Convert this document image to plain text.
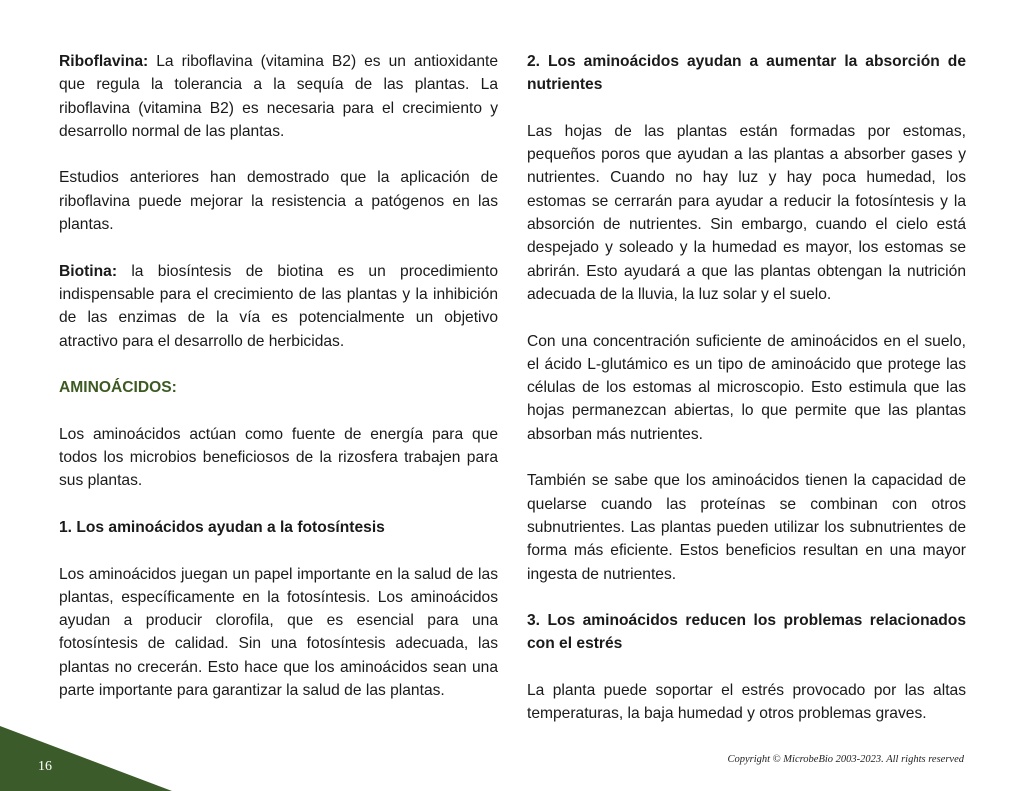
Riboflavina: La riboflavina (vitamina B2) es un antioxidante que regula la tolerancia a la sequía de las plantas. La riboflavina (vitamina B2) es necesaria para el crecimiento y desarrollo normal de las plantas.

Estudios anteriores han demostrado que la aplicación de riboflavina puede mejorar la resistencia a patógenos en las plantas.

Biotina: la biosíntesis de biotina es un procedimiento indispensable para el crecimiento de las plantas y la inhibición de las enzimas de la vía es potencialmente un objetivo atractivo para el desarrollo de herbicidas.

AMINOÁCIDOS:

Los aminoácidos actúan como fuente de energía para que todos los microbios beneficiosos de la rizosfera trabajen para sus plantas.

1. Los aminoácidos ayudan a la fotosíntesis

Los aminoácidos juegan un papel importante en la salud de las plantas, específicamente en la fotosíntesis. Los aminoácidos ayudan a producir clorofila, que es esencial para una fotosíntesis de calidad. Sin una fotosíntesis adecuada, las plantas no crecerán. Esto hace que los aminoácidos sean una parte importante para garantizar la salud de las plantas.

2. Los aminoácidos ayudan a aumentar la absorción de nutrientes

Las hojas de las plantas están formadas por estomas, pequeños poros que ayudan a las plantas a absorber gases y nutrientes. Cuando no hay luz y hay poca humedad, los estomas se cerrarán para ayudar a reducir la fotosíntesis y la absorción de nutrientes. Sin embargo, cuando el cielo está despejado y soleado y la humedad es mayor, los estomas se abrirán. Esto ayudará a que las plantas obtengan la nutrición adecuada de la lluvia, la luz solar y el suelo.

Con una concentración suficiente de aminoácidos en el suelo, el ácido L-glutámico es un tipo de aminoácido que protege las células de los estomas al microscopio. Esto estimula que las hojas permanezcan abiertas, lo que permite que las plantas absorban más nutrientes.

También se sabe que los aminoácidos tienen la capacidad de quelarse cuando las proteínas se combinan con otros subnutrientes. Las plantas pueden utilizar los subnutrientes de forma más eficiente. Estos beneficios resultan en una mayor ingesta de nutrientes.

3. Los aminoácidos reducen los problemas relacionados con el estrés

La planta puede soportar el estrés provocado por las altas temperaturas, la baja humedad y otros problemas graves.

16	Copyright © MicrobeBio 2003-2023. All rights reserved
